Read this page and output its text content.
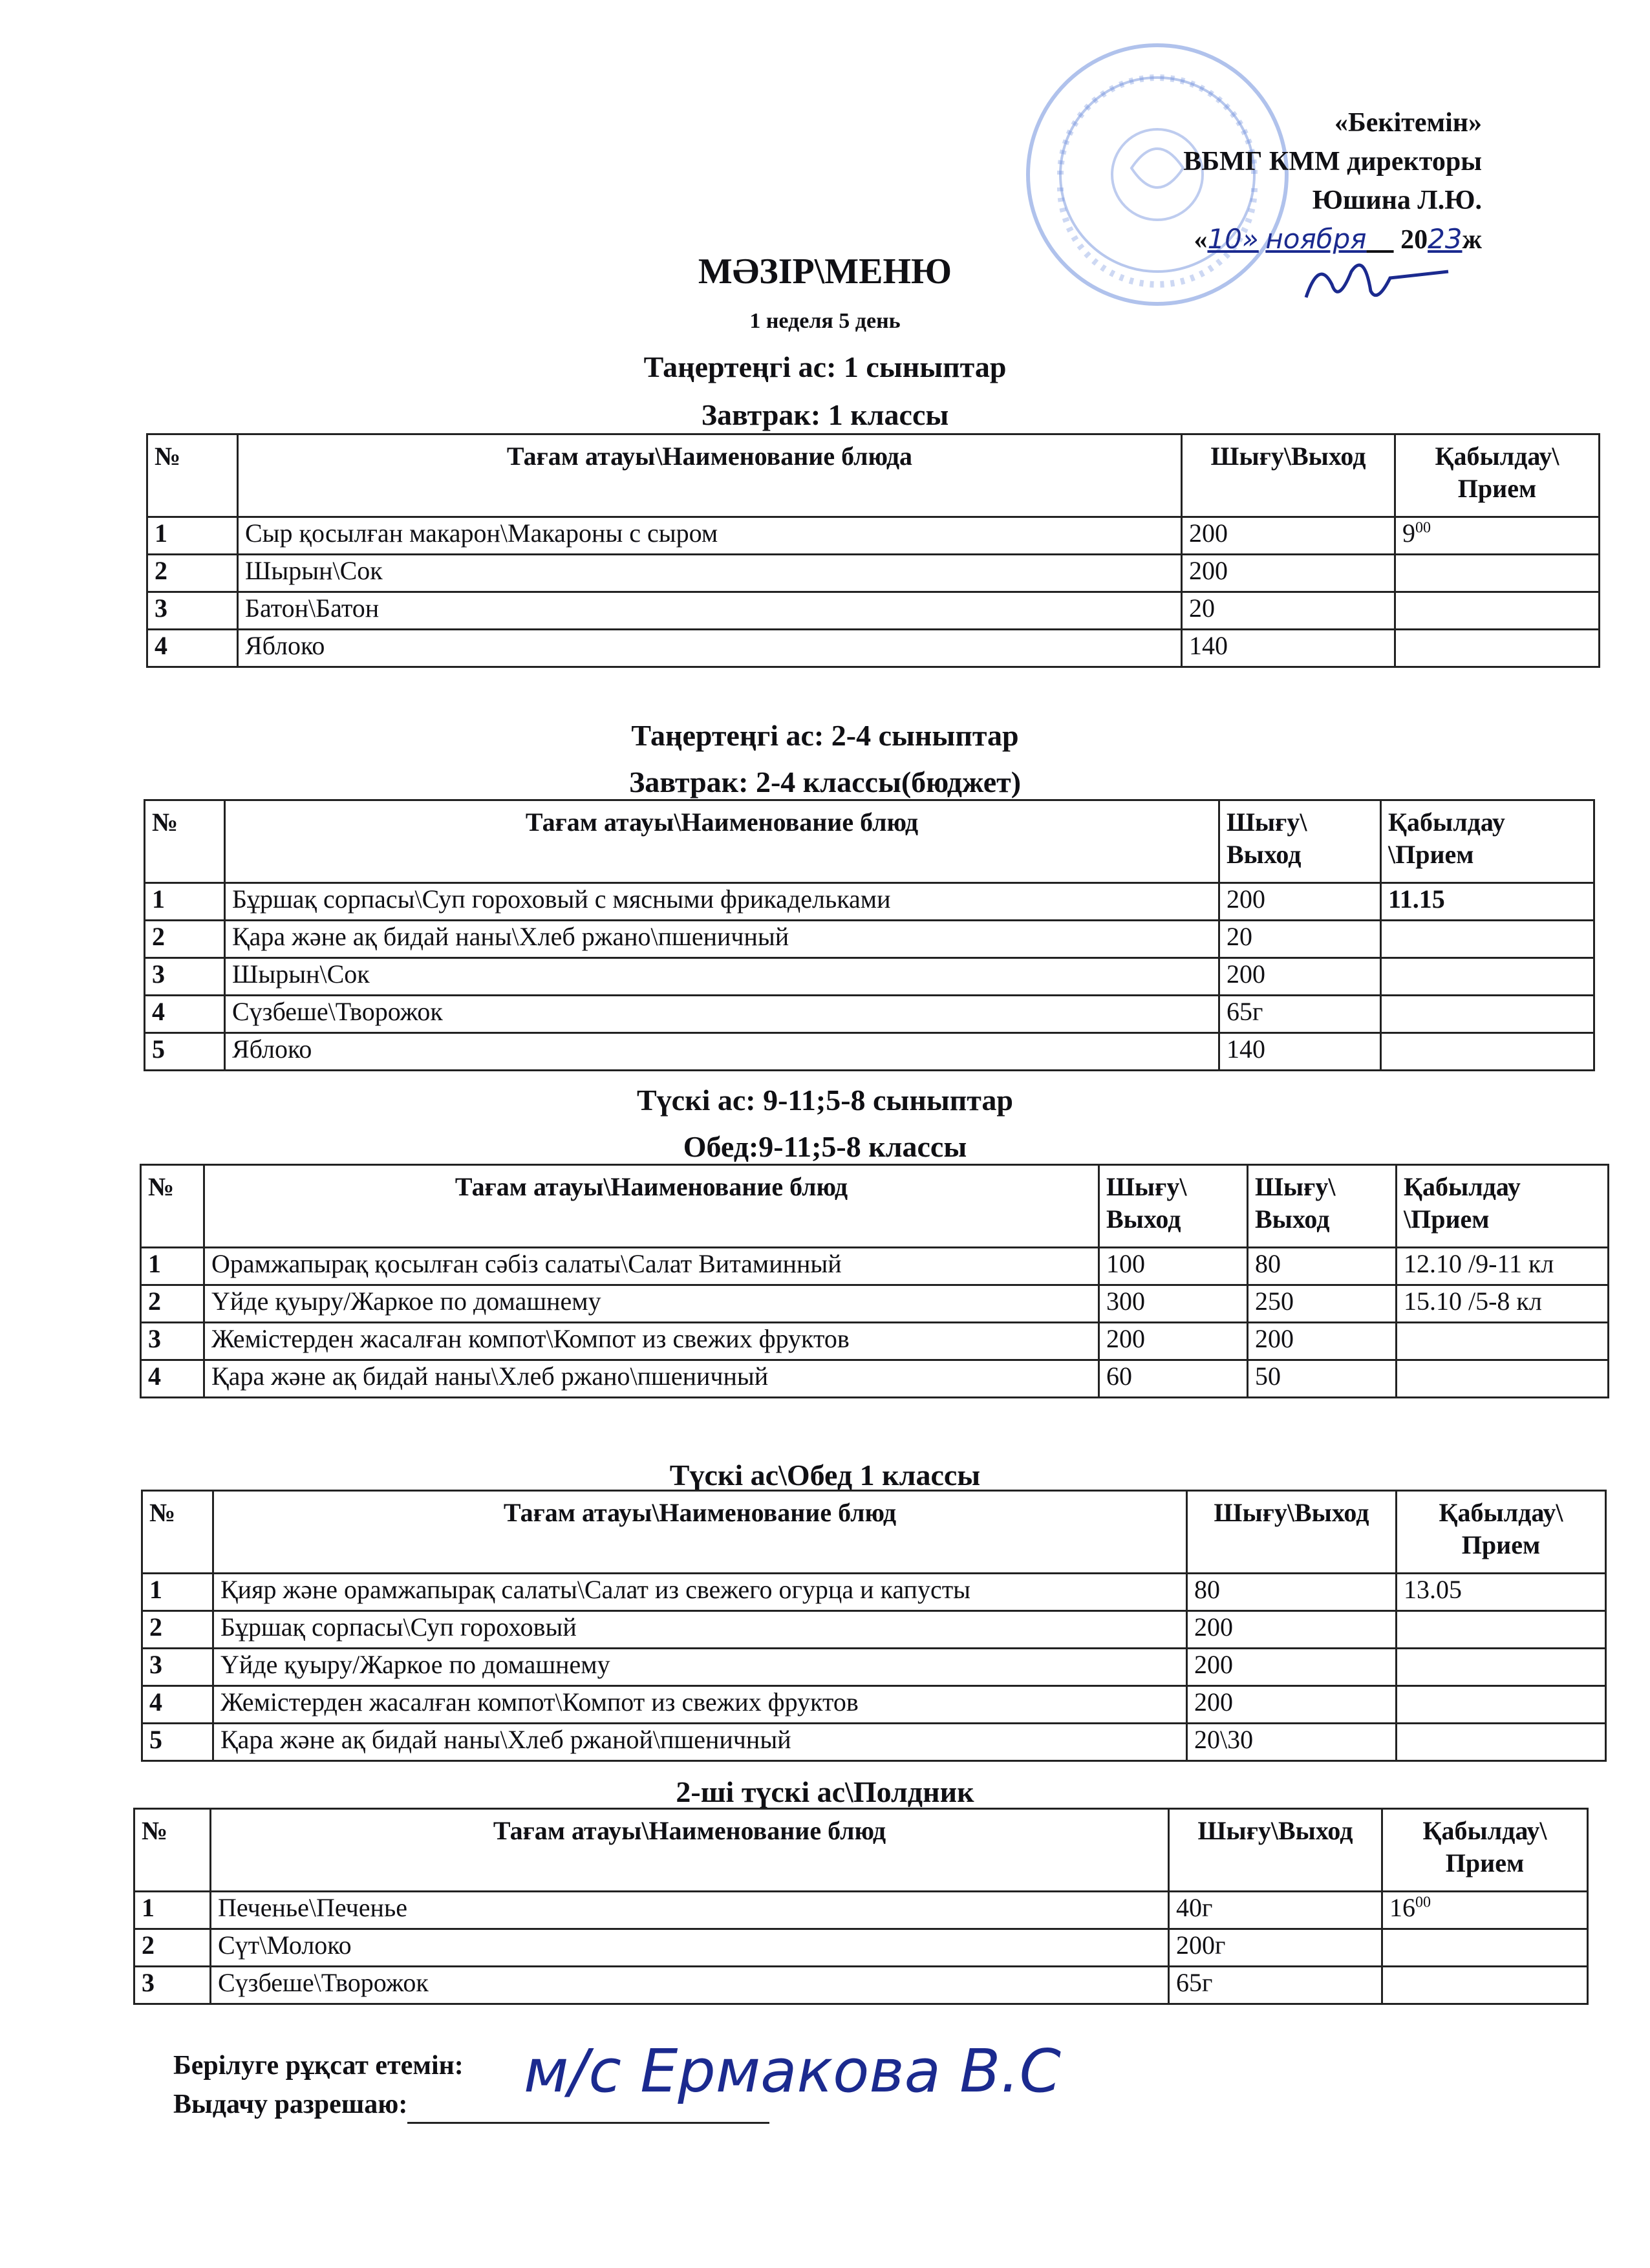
«Бекітемін»
ВБМГ КММ директоры
Юшина Л.Ю.
«10» ноября 2023ж
МӘЗІР\МЕНЮ
1 неделя 5 день
Таңертеңгі ас: 1 сыныптар
Завтрак: 1 классы
№	Тағам атауы\Наименование блюда	Шығу\Выход	Қабылдау\ Прием
1	Сыр қосылған макарон\Макароны с сыром	200	$9^{00}$
2	Шырын\Сок	200	
3	Батон\Батон	20	
4	Яблоко	140	
Таңертеңгі ас: 2-4 сыныптар
Завтрак: 2-4 классы(бюджет)
№	Тағам атауы\Наименование блюд	Шығу\ Выход	Қабылдау \Прием
1	Бұршақ сорпасы\Суп гороховый с мясными фрикадельками	200	11.15
2	Қара және ақ бидай наны\Хлеб ржано\пшеничный	20	
3	Шырын\Сок	200	
4	Сүзбеше\Творожок	65г	
5	Яблоко	140	
Түскі ас: 9-11;5-8 сыныптар
Обед:9-11;5-8 классы
№	Тағам атауы\Наименование блюд	Шығу\ Выход	Шығу\ Выход	Қабылдау \Прием
1	Орамжапырақ қосылған сәбіз салаты\Салат Витаминный	100	80	12.10 /9-11 кл
2	Үйде қуыру/Жаркое по домашнему	300	250	15.10 /5-8 кл
3	Жемістерден жасалған компот\Компот из свежих фруктов	200	200	
4	Қара және ақ бидай наны\Хлеб ржано\пшеничный	60	50	
Түскі ас\Обед 1 классы
№	Тағам атауы\Наименование блюд	Шығу\Выход	Қабылдау\ Прием
1	Қияр және орамжапырақ салаты\Салат из свежего огурца и капусты	80	13.05
2	Бұршақ сорпасы\Суп гороховый	200	
3	Үйде қуыру/Жаркое по домашнему	200	
4	Жемістерден жасалған компот\Компот из свежих фруктов	200	
5	Қара және ақ бидай наны\Хлеб ржаной\пшеничный	20\30	
2-ші түскі ас\Полдник
№	Тағам атауы\Наименование блюд	Шығу\Выход	Қабылдау\ Прием
1	Печенье\Печенье	40г	$16^{00}$
2	Сүт\Молоко	200г	
3	Сүзбеше\Творожок	65г	
Берілуге рұқсат етемін:
Выдачу разрешаю:	м/с Ермакова В.С
